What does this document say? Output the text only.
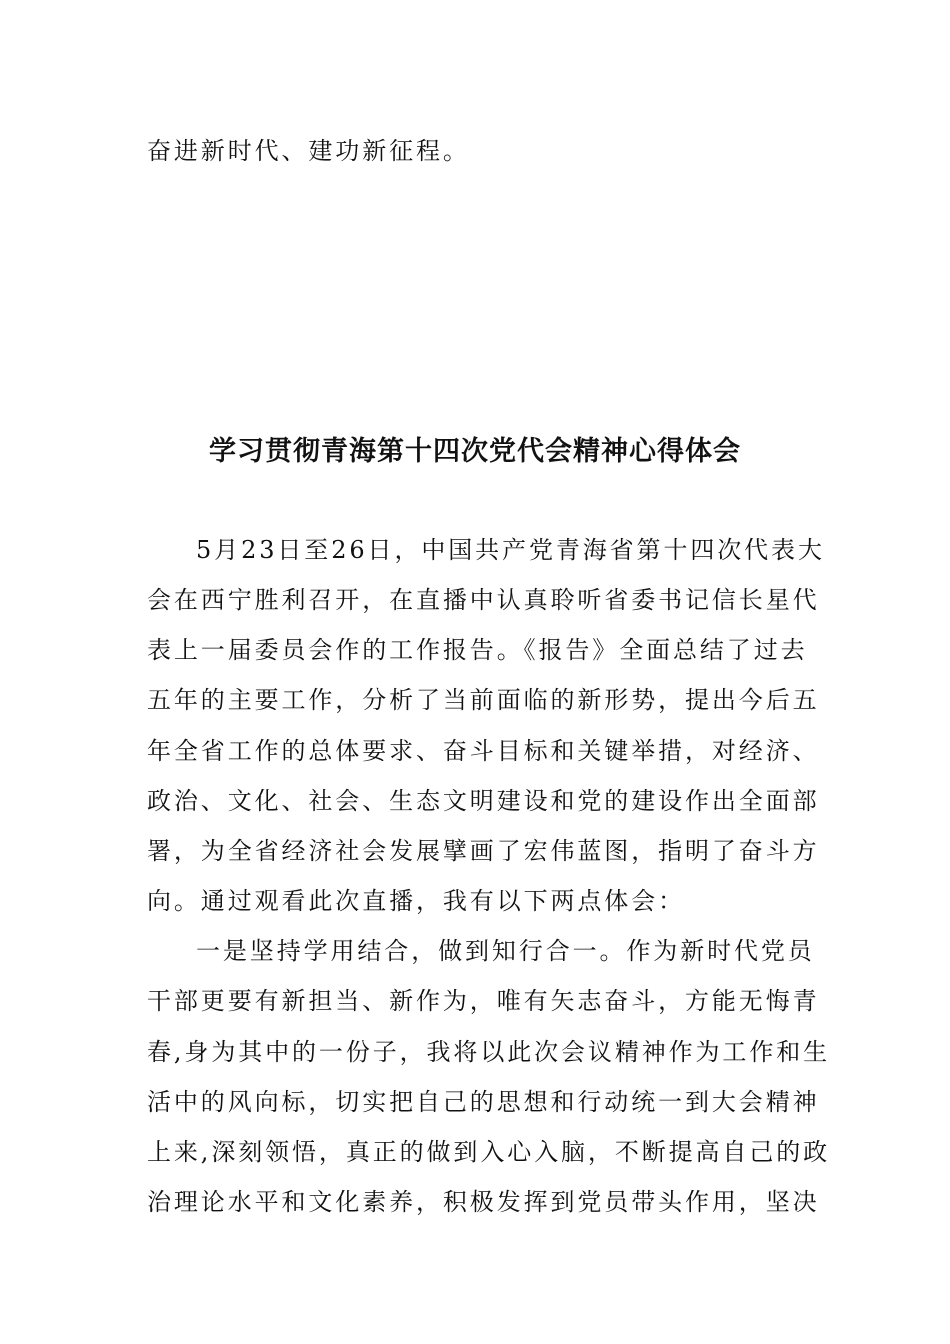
奋进新时代、建功新征程。
学习贯彻青海第十四次党代会精神心得体会
5月23日至26日，中国共产党青海省第十四次代表大
会在西宁胜利召开，在直播中认真聆听省委书记信长星代
表上一届委员会作的工作报告。《报告》全面总结了过去
五年的主要工作，分析了当前面临的新形势，提出今后五
年全省工作的总体要求、奋斗目标和关键举措，对经济、
政治、文化、社会、生态文明建设和党的建设作出全面部
署，为全省经济社会发展擘画了宏伟蓝图，指明了奋斗方
向。通过观看此次直播，我有以下两点体会：
一是坚持学用结合，做到知行合一。作为新时代党员
干部更要有新担当、新作为，唯有矢志奋斗，方能无悔青
春,身为其中的一份子，我将以此次会议精神作为工作和生
活中的风向标，切实把自己的思想和行动统一到大会精神
上来,深刻领悟，真正的做到入心入脑，不断提高自己的政
治理论水平和文化素养，积极发挥到党员带头作用，坚决
